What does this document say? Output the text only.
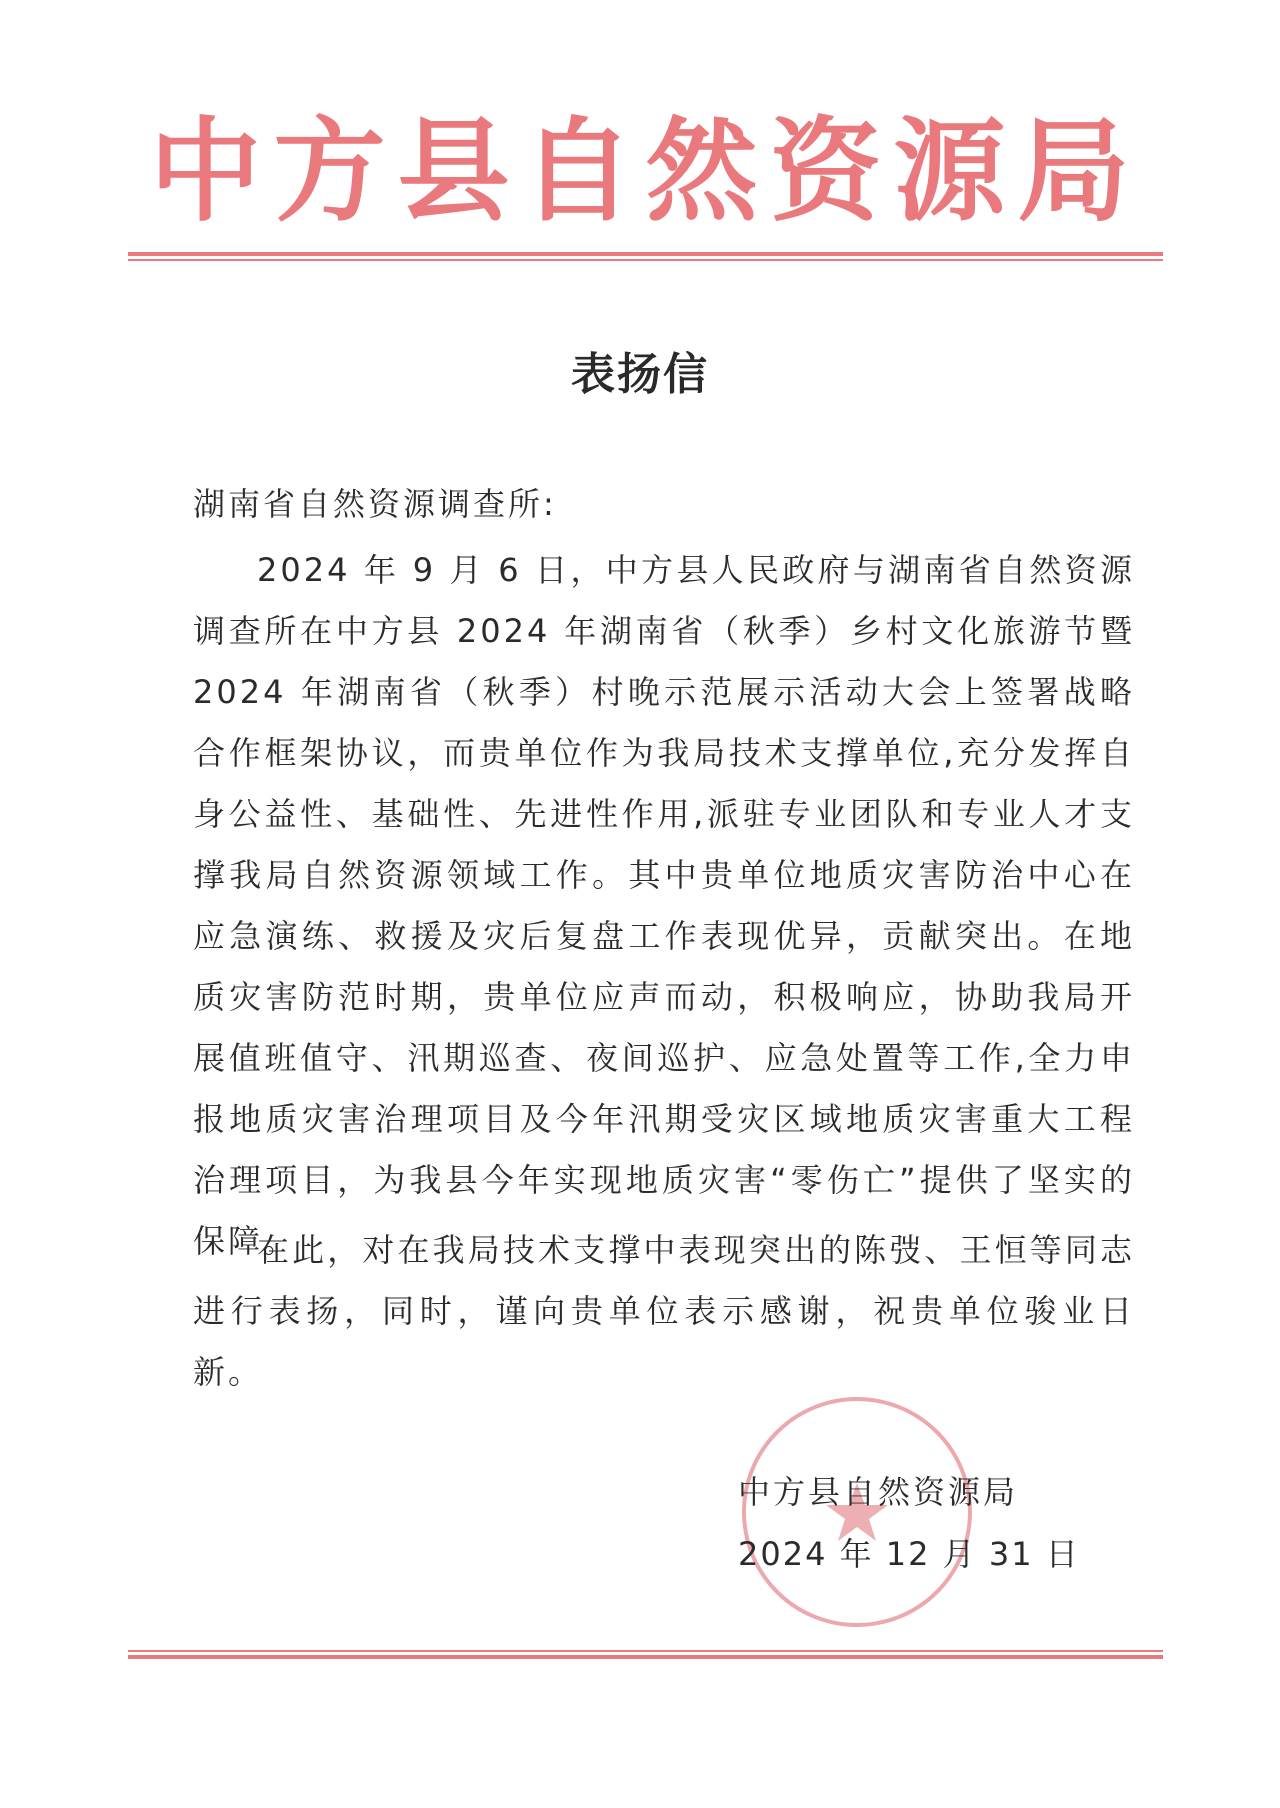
中方县自然资源局
表扬信
湖南省自然资源调查所:

2024 年 9 月 6 日，中方县人民政府与湖南省自然资源调查所在中方县 2024 年湖南省（秋季）乡村文化旅游节暨 2024 年湖南省（秋季）村晚示范展示活动大会上签署战略合作框架协议，而贵单位作为我局技术支撑单位,充分发挥自身公益性、基础性、先进性作用,派驻专业团队和专业人才支撑我局自然资源领域工作。其中贵单位地质灾害防治中心在应急演练、救援及灾后复盘工作表现优异，贡献突出。在地质灾害防范时期，贵单位应声而动，积极响应，协助我局开展值班值守、汛期巡查、夜间巡护、应急处置等工作,全力申报地质灾害治理项目及今年汛期受灾区域地质灾害重大工程治理项目，为我县今年实现地质灾害“零伤亡”提供了坚实的保障。

在此，对在我局技术支撑中表现突出的陈弢、王恒等同志进行表扬，同时，谨向贵单位表示感谢，祝贵单位骏业日新。

中方县自然资源局
2024 年 12 月 31 日
